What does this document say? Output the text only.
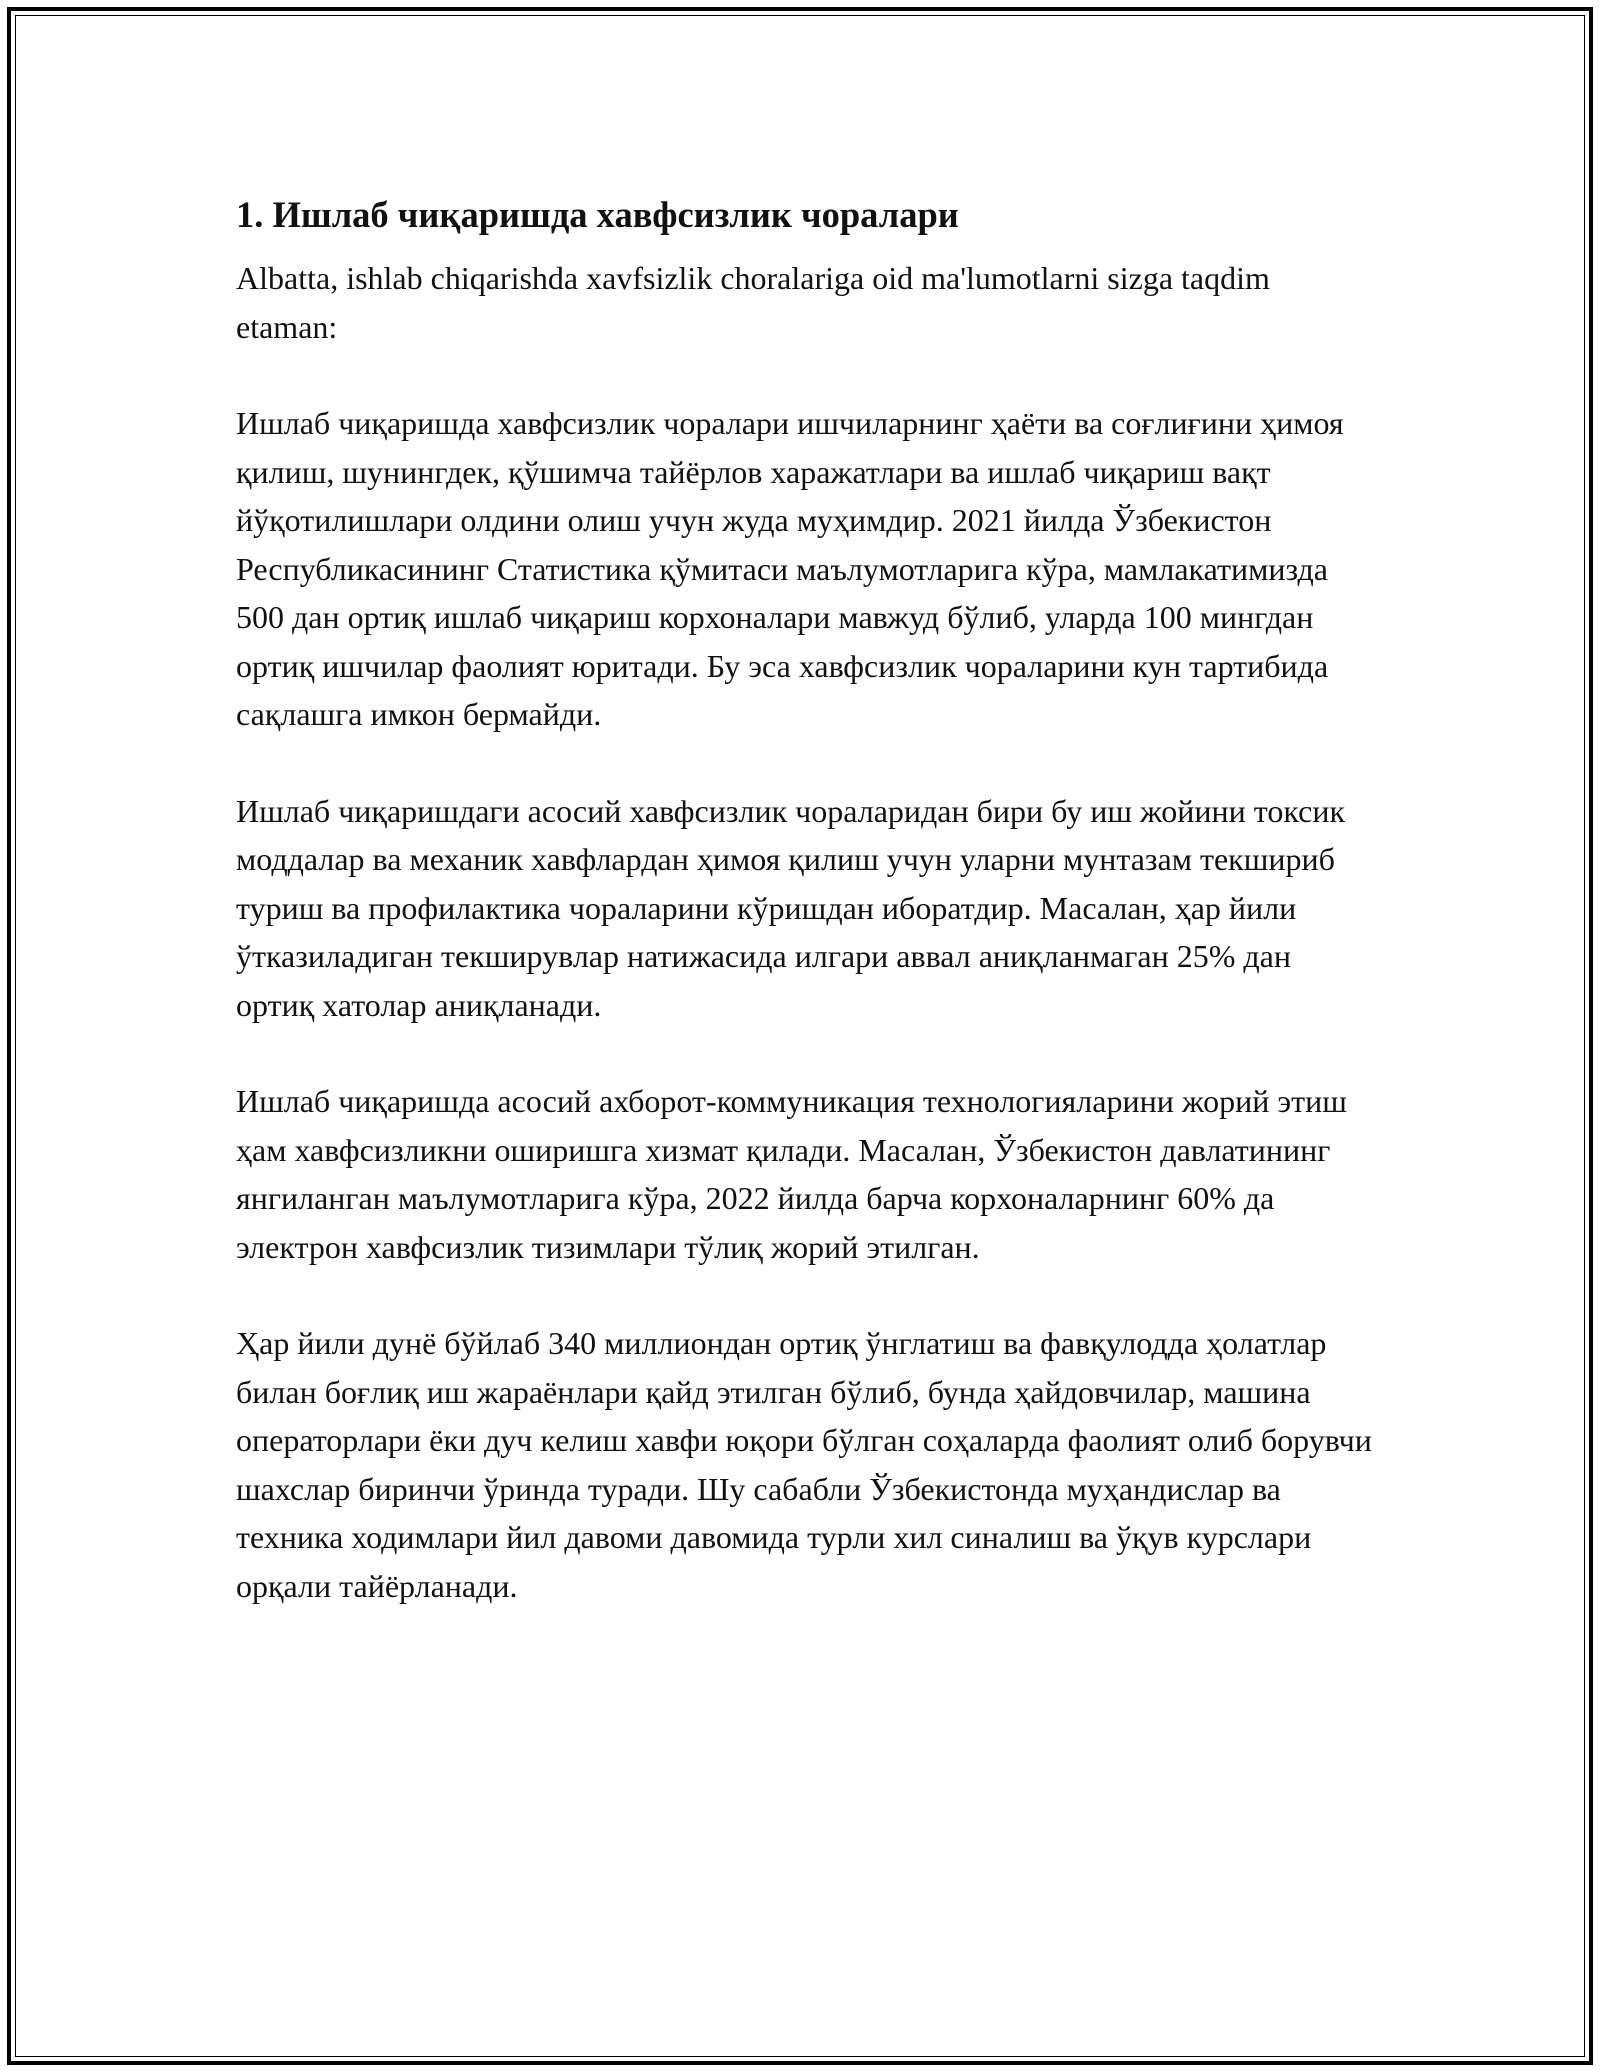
1. Ишлаб чиқаришда хавфсизлик чоралари

Albatta, ishlab chiqarishda xavfsizlik choralariga oid ma'lumotlarni sizga taqdim etaman:

Ишлаб чиқаришда хавфсизлик чоралари ишчиларнинг ҳаёти ва соғлиғини ҳимоя қилиш, шунингдек, қўшимча тайёрлов харажатлари ва ишлаб чиқариш вақт йўқотилишлари олдини олиш учун жуда муҳимдир. 2021 йилда Ўзбекистон Республикасининг Статистика қўмитаси маълумотларига кўра, мамлакатимизда 500 дан ортиқ ишлаб чиқариш корхоналари мавжуд бўлиб, уларда 100 мингдан ортиқ ишчилар фаолият юритади. Бу эса хавфсизлик чораларини кун тартибида сақлашга имкон бермайди.

Ишлаб чиқаришдаги асосий хавфсизлик чораларидан бири бу иш жойини токсик моддалар ва механик хавфлардан ҳимоя қилиш учун уларни мунтазам текшириб туриш ва профилактика чораларини кўришдан иборатдир. Масалан, ҳар йили ўтказиладиган текширувлар натижасида илгари аввал аниқланмаган 25% дан ортиқ хатолар аниқланади.

Ишлаб чиқаришда асосий ахборот-коммуникация технологияларини жорий этиш ҳам хавфсизликни оширишга хизмат қилади. Масалан, Ўзбекистон давлатининг янгиланган маълумотларига кўра, 2022 йилда барча корхоналарнинг 60% да электрон хавфсизлик тизимлари тўлиқ жорий этилган.

Ҳар йили дунё бўйлаб 340 миллиондан ортиқ ўнглатиш ва фавқулодда ҳолатлар билан боғлиқ иш жараёнлари қайд этилган бўлиб, бунда ҳайдовчилар, машина операторлари ёки дуч келиш хавфи юқори бўлган соҳаларда фаолият олиб борувчи шахслар биринчи ўринда туради. Шу сабабли Ўзбекистонда муҳандислар ва техника ходимлари йил давоми давомида турли хил синалиш ва ўқув курслари орқали тайёрланади.
